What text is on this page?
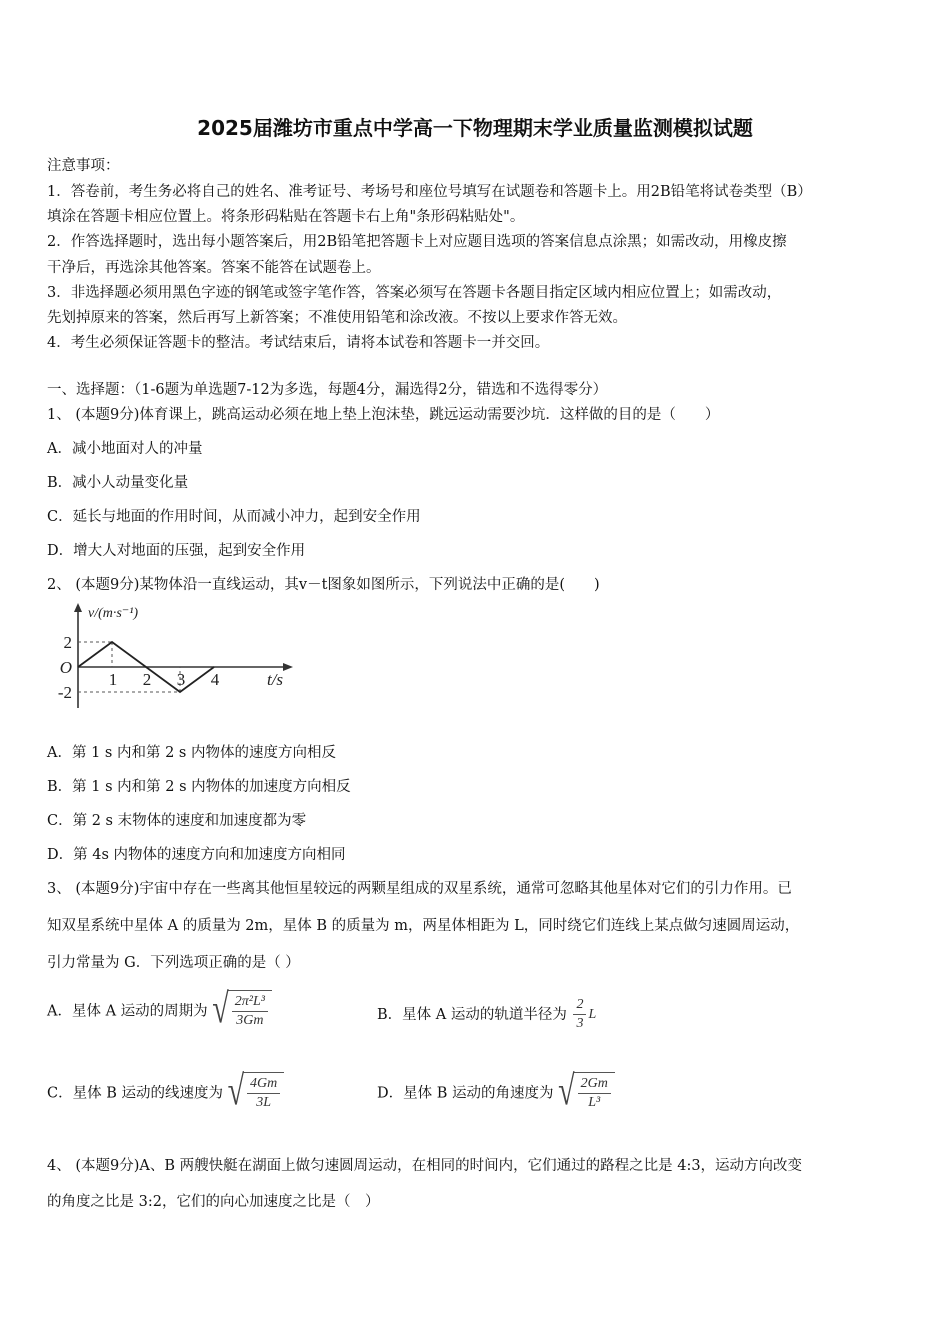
2025届潍坊市重点中学高一下物理期末学业质量监测模拟试题
注意事项：
1．答卷前，考生务必将自己的姓名、准考证号、考场号和座位号填写在试题卷和答题卡上。用2B铅笔将试卷类型（B）
填涂在答题卡相应位置上。将条形码粘贴在答题卡右上角"条形码粘贴处"。
2．作答选择题时，选出每小题答案后，用2B铅笔把答题卡上对应题目选项的答案信息点涂黑；如需改动，用橡皮擦
干净后，再选涂其他答案。答案不能答在试题卷上。
3．非选择题必须用黑色字迹的钢笔或签字笔作答，答案必须写在答题卡各题目指定区域内相应位置上；如需改动，
先划掉原来的答案，然后再写上新答案；不准使用铅笔和涂改液。不按以上要求作答无效。
4．考生必须保证答题卡的整洁。考试结束后，请将本试卷和答题卡一并交回。
一、选择题：（1-6题为单选题7-12为多选，每题4分，漏选得2分，错选和不选得零分）
1、 (本题9分)体育课上，跳高运动必须在地上垫上泡沫垫，跳远运动需要沙坑．这样做的目的是（　　）
A．减小地面对人的冲量
B．减小人动量变化量
C．延长与地面的作用时间，从而减小冲力，起到安全作用
D．增大人对地面的压强，起到安全作用
2、 (本题9分)某物体沿一直线运动，其v－t图象如图所示，下列说法中正确的是(　　)
1 2 3 4
2
-2
O
t/s
v/(m·s⁻¹)
A．第 1 s 内和第 2 s 内物体的速度方向相反
B．第 1 s 内和第 2 s 内物体的加速度方向相反
C．第 2 s 末物体的速度和加速度都为零
D．第 4s 内物体的速度方向和加速度方向相同
3、 (本题9分)宇宙中存在一些离其他恒星较远的两颗星组成的双星系统，通常可忽略其他星体对它们的引力作用。已
知双星系统中星体 A 的质量为 2m，星体 B 的质量为 m，两星体相距为 L，同时绕它们连线上某点做匀速圆周运动，
引力常量为 G．下列选项正确的是（ ）
A．星体 A 运动的周期为 √ $\frac{\text{2π²L³}}{3Gm}$	B．星体 A 运动的轨道半径为 $\frac{2}{3}$ L
C．星体 B 运动的线速度为 √ $\frac{4Gm}{3L}$	D．星体 B 运动的角速度为 √ $\frac{2Gm}{\text{L³}}$
4、 (本题9分)A、B 两艘快艇在湖面上做匀速圆周运动，在相同的时间内，它们通过的路程之比是 4:3，运动方向改变
的角度之比是 3:2，它们的向心加速度之比是（　）
